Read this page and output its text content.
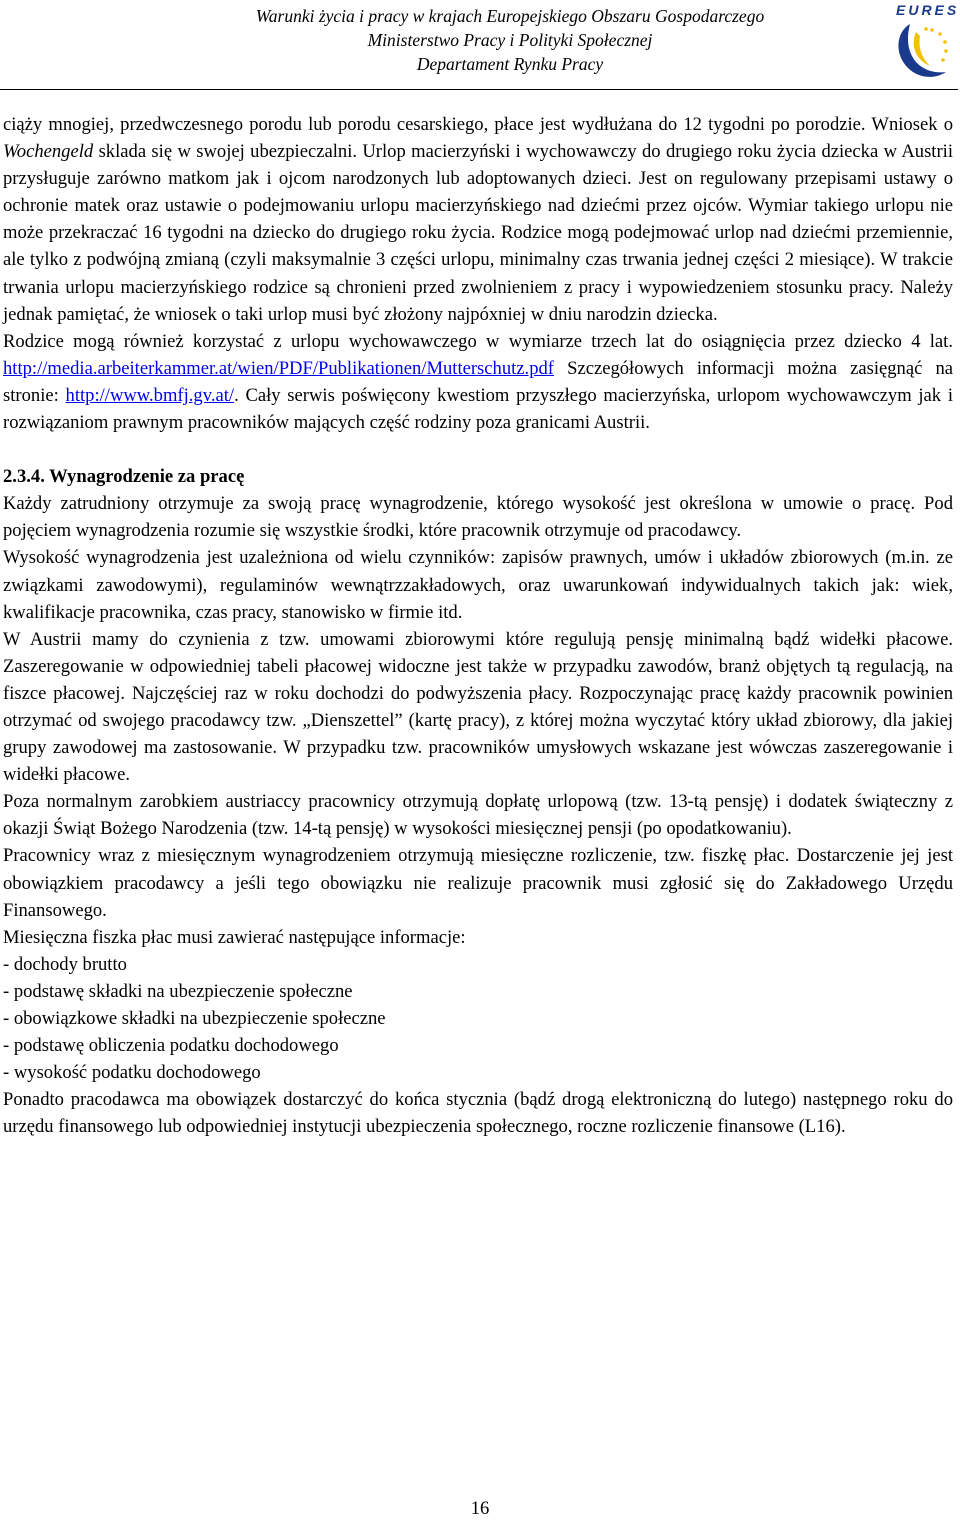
Warunki życia i pracy w krajach Europejskiego Obszaru Gospodarczego
Ministerstwo Pracy i Polityki Społecznej
Departament Rynku Pracy
EURES

ciąży mnogiej, przedwczesnego porodu lub porodu cesarskiego, płace jest wydłużana do 12 tygodni po porodzie. Wniosek o Wochengeld sklada się w swojej ubezpieczalni. Urlop macierzyński i wychowawczy do drugiego roku życia dziecka w Austrii przysługuje zarówno matkom jak i ojcom narodzonych lub adoptowanych dzieci. Jest on regulowany przepisami ustawy o ochronie matek oraz ustawie o podejmowaniu urlopu macierzyńskiego nad dziećmi przez ojców. Wymiar takiego urlopu nie może przekraczać 16 tygodni na dziecko do drugiego roku życia. Rodzice mogą podejmować urlop nad dziećmi przemiennie, ale tylko z podwójną zmianą (czyli maksymalnie 3 części urlopu, minimalny czas trwania jednej części 2 miesiące). W trakcie trwania urlopu macierzyńskiego rodzice są chronieni przed zwolnieniem z pracy i wypowiedzeniem stosunku pracy. Należy jednak pamiętać, że wniosek o taki urlop musi być złożony najpóxniej w dniu narodzin dziecka.

Rodzice mogą również korzystać z urlopu wychowawczego w wymiarze trzech lat do osiągnięcia przez dziecko 4 lat. http://media.arbeiterkammer.at/wien/PDF/Publikationen/Mutterschutz.pdf Szczegółowych informacji można zasięgnąć na stronie: http://www.bmfj.gv.at/. Cały serwis poświęcony kwestiom przyszłego macierzyńska, urlopom wychowawczym jak i rozwiązaniom prawnym pracowników mających część rodziny poza granicami Austrii.

2.3.4. Wynagrodzenie za pracę

Każdy zatrudniony otrzymuje za swoją pracę wynagrodzenie, którego wysokość jest określona w umowie o pracę. Pod pojęciem wynagrodzenia rozumie się wszystkie środki, które pracownik otrzymuje od pracodawcy.

Wysokość wynagrodzenia jest uzależniona od wielu czynników: zapisów prawnych, umów i układów zbiorowych (m.in. ze związkami zawodowymi), regulaminów wewnątrzzakładowych, oraz uwarunkowań indywidualnych takich jak: wiek, kwalifikacje pracownika, czas pracy, stanowisko w firmie itd.

W Austrii mamy do czynienia z tzw. umowami zbiorowymi które regulują pensję minimalną bądź widełki płacowe. Zaszeregowanie w odpowiedniej tabeli płacowej widoczne jest także w przypadku zawodów, branż objętych tą regulacją, na fiszce płacowej. Najczęściej raz w roku dochodzi do podwyższenia płacy. Rozpoczynając pracę każdy pracownik powinien otrzymać od swojego pracodawcy tzw. „Dienszettel” (kartę pracy), z której można wyczytać który układ zbiorowy, dla jakiej grupy zawodowej ma zastosowanie. W przypadku tzw. pracowników umysłowych wskazane jest wówczas zaszeregowanie i widełki płacowe.

Poza normalnym zarobkiem austriaccy pracownicy otrzymują dopłatę urlopową (tzw. 13-tą pensję) i dodatek świąteczny z okazji Świąt Bożego Narodzenia (tzw. 14-tą pensję) w wysokości miesięcznej pensji (po opodatkowaniu).

Pracownicy wraz z miesięcznym wynagrodzeniem otrzymują miesięczne rozliczenie, tzw. fiszkę płac. Dostarczenie jej jest obowiązkiem pracodawcy a jeśli tego obowiązku nie realizuje pracownik musi zgłosić się do Zakładowego Urzędu Finansowego.

Miesięczna fiszka płac musi zawierać następujące informacje:

- dochody brutto

- podstawę składki na ubezpieczenie społeczne

- obowiązkowe składki na ubezpieczenie społeczne

- podstawę obliczenia podatku dochodowego

- wysokość podatku dochodowego

Ponadto pracodawca ma obowiązek dostarczyć do końca stycznia (bądź drogą elektroniczną do lutego) następnego roku do urzędu finansowego lub odpowiedniej instytucji ubezpieczenia społecznego, roczne rozliczenie finansowe (L16).

16
